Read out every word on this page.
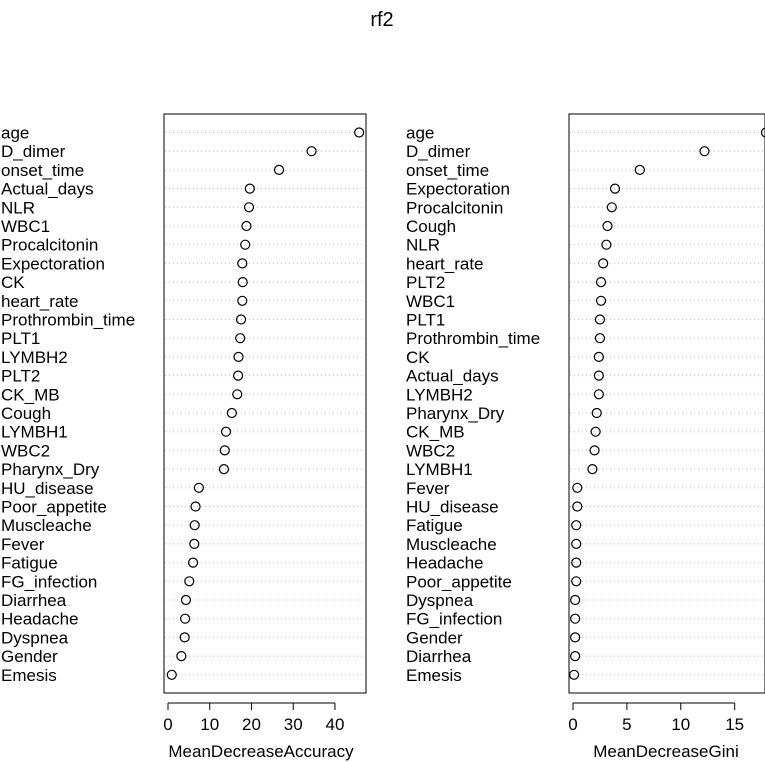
rf2
age
D_dimer
onset_time
Actual_days
NLR
WBC1
Procalcitonin
Expectoration
CK
heart_rate
Prothrombin_time
PLT1
LYMBH2
PLT2
CK_MB
Cough
LYMBH1
WBC2
Pharynx_Dry
HU_disease
Poor_appetite
Muscleache
Fever
Fatigue
FG_infection
Diarrhea
Headache
Dyspnea
Gender
Emesis
0 10 20 30 40
age
D_dimer
onset_time
Expectoration
Procalcitonin
Cough
NLR
heart_rate
PLT2
WBC1
PLT1
Prothrombin_time
CK
Actual_days
LYMBH2
Pharynx_Dry
CK_MB
WBC2
LYMBH1
Fever
HU_disease
Fatigue
Muscleache
Headache
Poor_appetite
Dyspnea
FG_infection
Gender
Diarrhea
Emesis
0	5 10 15
MeanDecreaseAccuracy	MeanDecreaseGini
